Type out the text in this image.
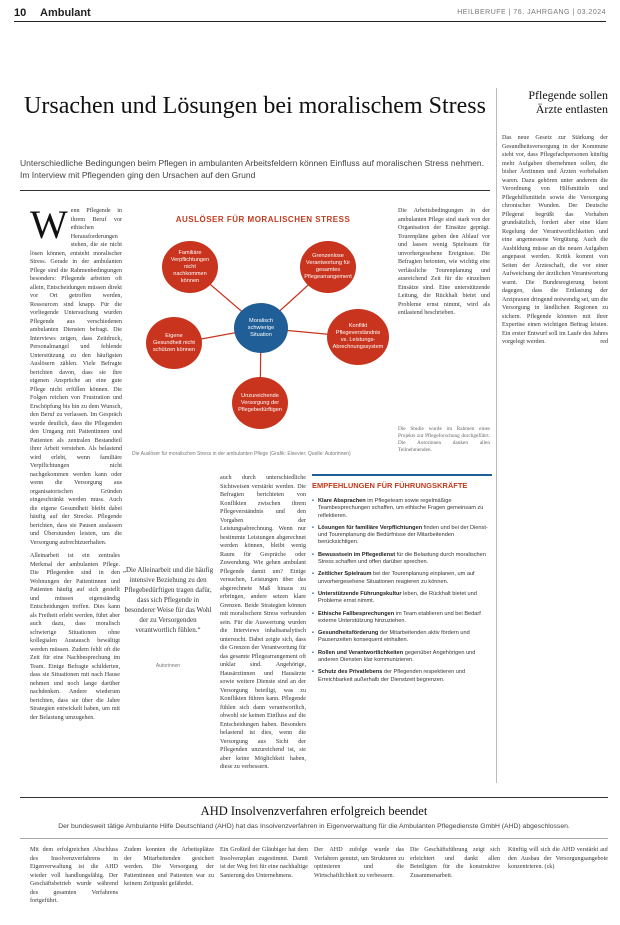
10 Ambulant	HEILBERUFE | 76. JAHRGANG | 03.2024
Ursachen und Lösungen bei moralischem Stress

Unterschiedliche Bedingungen beim Pflegen in ambulanten Arbeitsfeldern können Einfluss auf moralischen Stress nehmen. Im Interview mit Pflegenden ging den Ursachen auf den Grund

Wenn Pflegende in ihrem Beruf vor ethischen Herausforderungen stehen, die sie nicht lösen können, entsteht moralischer Stress. Gerade in der ambulanten Pflege sind die Rahmenbedingungen besonders: Pflegende arbeiten oft allein, Entscheidungen müssen direkt vor Ort getroffen werden, Ressourcen sind knapp. Für die vorliegende Untersuchung wurden Pflegende aus verschiedenen ambulanten Diensten befragt. Die Interviews zeigen, dass Zeitdruck, Personalmangel und fehlende Unterstützung zu den häufigsten Auslösern zählen. Viele Befragte berichten davon, dass sie ihre eigenen Ansprüche an eine gute Pflege nicht erfüllen können. Die Folgen reichen von Frustration und Erschöpfung bis hin zu dem Wunsch, den Beruf zu verlassen. Im Gespräch wurde deutlich, dass die Pflegenden den Umgang mit Patientinnen und Patienten als zentralen Bestandteil ihrer Arbeit verstehen. Als belastend wird erlebt, wenn familiäre Verpflichtungen nicht nachgekommen werden kann oder wenn die Versorgung aus organisatorischen Gründen eingeschränkt werden muss. Auch die eigene Gesundheit bleibt dabei häufig auf der Strecke. Pflegende berichten, dass sie Pausen auslassen und Überstunden leisten, um die Versorgung aufrechtzuerhalten.
Alleinarbeit ist ein zentrales Merkmal der ambulanten Pflege. Die Pflegenden sind in den Wohnungen der Patientinnen und Patienten häufig auf sich gestellt und müssen eigenständig Entscheidungen treffen. Dies kann als Freiheit erlebt werden, führt aber auch dazu, dass moralisch schwierige Situationen ohne kollegialen Austausch bewältigt werden müssen. Zudem fehlt oft die Zeit für eine Nachbesprechung im Team. Einige Befragte schilderten, dass sie Situationen mit nach Hause nehmen und noch lange darüber nachdenken. Andere wiederum berichten, dass sie über die Jahre Strategien entwickelt haben, um mit der Belastung umzugehen.
„Die Alleinarbeit und die häufig intensive Beziehung zu den Pflegebedürftigen tragen dafür, dass sich Pflegende in besonderer Weise für das Wohl der zu Versorgenden verantwortlich fühlen.“
Autorinnen
auch durch unterschiedliche Sichtweisen verstärkt werden. Die Befragten berichteten von Konflikten zwischen ihrem Pflegeverständnis und den Vorgaben der Leistungsabrechnung. Wenn nur bestimmte Leistungen abgerechnet werden können, bleibt wenig Raum für Gespräche oder Zuwendung. Wie gehen ambulant Pflegende damit um? Einige versuchen, Leistungen über das abgerechnete Maß hinaus zu erbringen, andere setzen klare Grenzen. Beide Strategien können mit moralischem Stress verbunden sein. Für die Auswertung wurden die Interviews inhaltsanalytisch untersucht. Dabei zeigte sich, dass die Grenzen der Verantwortung für das gesamte Pflegearrangement oft unklar sind. Angehörige, Hausärztinnen und Hausärzte sowie weitere Dienste sind an der Versorgung beteiligt, was zu Konflikten führen kann. Pflegende fühlen sich dann verantwortlich, obwohl sie keinen Einfluss auf die Entscheidungen haben. Besonders belastend ist dies, wenn die Versorgung aus Sicht der Pflegenden unzureichend ist, sie aber keine Möglichkeit haben, diese zu verbessern.
Die Arbeitsbedingungen in der ambulanten Pflege sind stark von der Organisation der Einsätze geprägt. Tourenpläne geben den Ablauf vor und lassen wenig Spielraum für unvorhergesehene Ereignisse. Die Befragten betonten, wie wichtig eine verlässliche Tourenplanung und ausreichend Zeit für die einzelnen Einsätze sind. Eine unterstützende Leitung, die Rückhalt bietet und Probleme ernst nimmt, wird als entlastend beschrieben.
Die Studie wurde im Rahmen eines Projekts zur Pflegeforschung durchgeführt. Die Autorinnen danken allen Teilnehmenden.
AUSLÖSER FÜR MORALISCHEN STRESS
Familiäre Verpflichtungen nicht nachkommen können
Grenzenlose Verantwortung für gesamtes Pflegearrangement
Moralisch schwierige Situation
Konflikt Pflegeverständnis vs. Leistungs-Abrechnungssystem
Unzureichende Versorgung der Pflegebedürftigen
Eigene Gesundheit nicht schützen können
Die Auslöser für moralischen Stress in der ambulanten Pflege (Grafik: Elsevier; Quelle: Autorinnen)
EMPFEHLUNGEN FÜR FÜHRUNGSKRÄFTE
• Klare Absprachen im Pflegeteam sowie regelmäßige Teambesprechungen schaffen, um ethische Fragen gemeinsam zu reflektieren.
• Lösungen für familiäre Verpflichtungen finden und bei der Dienst- und Tourenplanung die Bedürfnisse der Mitarbeitenden berücksichtigen.
• Bewusstsein im Pflegedienst für die Belastung durch moralischen Stress schaffen und offen darüber sprechen.
• Zeitlicher Spielraum bei der Tourenplanung einplanen, um auf unvorhergesehene Situationen reagieren zu können.
• Unterstützende Führungskultur leben, die Rückhalt bietet und Probleme ernst nimmt.
• Ethische Fallbesprechungen im Team etablieren und bei Bedarf externe Unterstützung hinzuziehen.
• Gesundheitsförderung der Mitarbeitenden aktiv fördern und Pausenzeiten konsequent einhalten.
• Rollen und Verantwortlichkeiten gegenüber Angehörigen und anderen Diensten klar kommunizieren.
• Schutz des Privatlebens der Pflegenden respektieren und Erreichbarkeit außerhalb der Dienstzeit begrenzen.
Pflegende sollen Ärzte entlasten
Das neue Gesetz zur Stärkung der Gesundheitsversorgung in der Kommune sieht vor, dass Pflegefachpersonen künftig mehr Aufgaben übernehmen sollen, die bisher Ärztinnen und Ärzten vorbehalten waren. Dazu gehören unter anderem die Verordnung von Hilfsmitteln und Pflegehilfsmitteln sowie die Versorgung chronischer Wunden. Der Deutsche Pflegerat begrüßt das Vorhaben grundsätzlich, fordert aber eine klare Regelung der Verantwortlichkeiten und eine angemessene Vergütung. Auch die Ausbildung müsse an die neuen Aufgaben angepasst werden. Kritik kommt von Seiten der Ärzteschaft, die vor einer Aufweichung der ärztlichen Verantwortung warnt. Die Bundesregierung betont dagegen, dass die Entlastung der Arztpraxen dringend notwendig sei, um die Versorgung in ländlichen Regionen zu sichern. Pflegende könnten mit ihrer Expertise einen wichtigen Beitrag leisten. Ein erster Entwurf soll im Laufe des Jahres vorgelegt werden.	red
AHD Insolvenzverfahren erfolgreich beendet

Der bundesweit tätige Ambulante Hilfe Deutschland (AHD) hat das Insolvenzverfahren in Eigenverwaltung für die Ambulanten Pflegedienste GmbH (AHD) abgeschlossen.

Mit dem erfolgreichen Abschluss des Insolvenzverfahrens in Eigenverwaltung ist die AHD wieder voll handlungsfähig. Der Geschäftsbetrieb wurde während des gesamten Verfahrens fortgeführt.
Zudem konnten die Arbeitsplätze der Mitarbeitenden gesichert werden. Die Versorgung der Patientinnen und Patienten war zu keinem Zeitpunkt gefährdet.
Ein Großteil der Gläubiger hat dem Insolvenzplan zugestimmt. Damit ist der Weg frei für eine nachhaltige Sanierung des Unternehmens.
Der AHD zufolge wurde das Verfahren genutzt, um Strukturen zu optimieren und die Wirtschaftlichkeit zu verbessern.
Die Geschäftsführung zeigt sich erleichtert und dankt allen Beteiligten für die konstruktive Zusammenarbeit.
Künftig will sich die AHD verstärkt auf den Ausbau der Versorgungsangebote konzentrieren. (ck)
